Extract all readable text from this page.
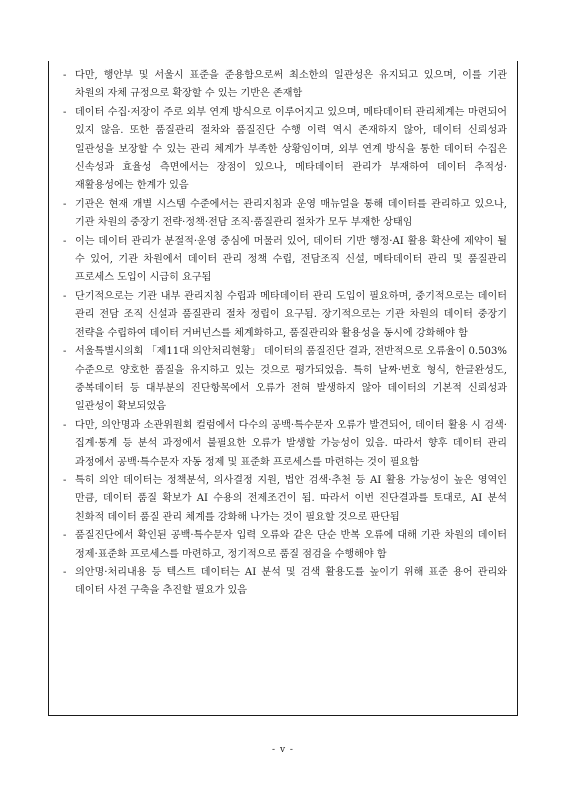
- 다만, 행안부 및 서울시 표준을 준용함으로써 최소한의 일관성은 유지되고 있으며, 이를 기관 차원의 자체 규정으로 확장할 수 있는 기반은 존재함
- 데이터 수집·저장이 주로 외부 연계 방식으로 이루어지고 있으며, 메타데이터 관리체계는 마련되어 있지 않음. 또한 품질관리 절차와 품질진단 수행 이력 역시 존재하지 않아, 데이터 신뢰성과 일관성을 보장할 수 있는 관리 체계가 부족한 상황임이며, 외부 연계 방식을 통한 데이터 수집은 신속성과 효율성 측면에서는 장점이 있으나, 메타데이터 관리가 부재하여 데이터 추적성·재활용성에는 한계가 있음
- 기관은 현재 개별 시스템 수준에서는 관리지침과 운영 매뉴얼을 통해 데이터를 관리하고 있으나, 기관 차원의 중장기 전략·정책·전담 조직·품질관리 절차가 모두 부재한 상태임
- 이는 데이터 관리가 분절적·운영 중심에 머물러 있어, 데이터 기반 행정·AI 활용 확산에 제약이 될 수 있어, 기관 차원에서 데이터 관리 정책 수립, 전담조직 신설, 메타데이터 관리 및 품질관리 프로세스 도입이 시급히 요구됨
- 단기적으로는 기관 내부 관리지침 수립과 메타데이터 관리 도입이 필요하며, 중기적으로는 데이터 관리 전담 조직 신설과 품질관리 절차 정립이 요구됨. 장기적으로는 기관 차원의 데이터 중장기 전략을 수립하여 데이터 거버넌스를 체계화하고, 품질관리와 활용성을 동시에 강화해야 함
- 서울특별시의회 「제11대 의안처리현황」 데이터의 품질진단 결과, 전반적으로 오류율이 0.503% 수준으로 양호한 품질을 유지하고 있는 것으로 평가되었음. 특히 날짜·번호 형식, 한글완성도, 중복데이터 등 대부분의 진단항목에서 오류가 전혀 발생하지 않아 데이터의 기본적 신뢰성과 일관성이 확보되었음
- 다만, 의안명과 소관위원회 컬럼에서 다수의 공백·특수문자 오류가 발견되어, 데이터 활용 시 검색·집계·통계 등 분석 과정에서 불필요한 오류가 발생할 가능성이 있음. 따라서 향후 데이터 관리 과정에서 공백·특수문자 자동 정제 및 표준화 프로세스를 마련하는 것이 필요함
- 특히 의안 데이터는 정책분석, 의사결정 지원, 법안 검색·추천 등 AI 활용 가능성이 높은 영역인 만큼, 데이터 품질 확보가 AI 수용의 전제조건이 됨. 따라서 이번 진단결과를 토대로, AI 분석 친화적 데이터 품질 관리 체계를 강화해 나가는 것이 필요할 것으로 판단됨
- 품질진단에서 확인된 공백·특수문자 입력 오류와 같은 단순 반복 오류에 대해 기관 차원의 데이터 정제·표준화 프로세스를 마련하고, 정기적으로 품질 점검을 수행해야 함
- 의안명·처리내용 등 텍스트 데이터는 AI 분석 및 검색 활용도를 높이기 위해 표준 용어 관리와 데이터 사전 구축을 추진할 필요가 있음
- v -
